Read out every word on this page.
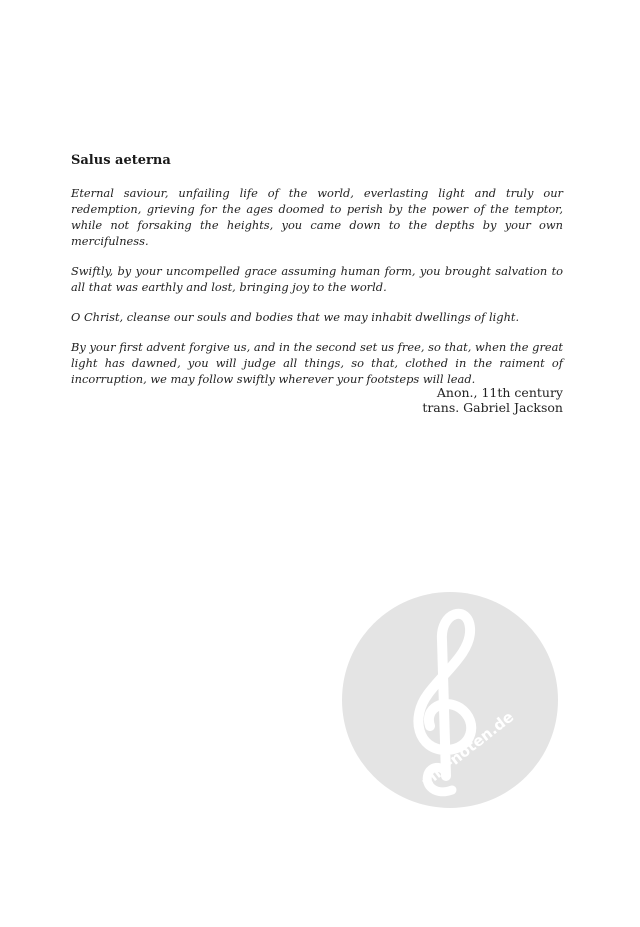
Salus aeterna

Eternal saviour, unfailing life of the world, everlasting light and truly our redemption, grieving for the ages doomed to perish by the power of the temptor, while not forsaking the heights, you came down to the depths by your own mercifulness.

Swiftly, by your uncompelled grace assuming human form, you brought salvation to all that was earthly and lost, bringing joy to the world.

O Christ, cleanse our souls and bodies that we may inhabit dwellings of light.

By your first advent forgive us, and in the second set us free, so that, when the great light has dawned, you will judge all things, so that, clothed in the raiment of incorruption, we may follow swiftly wherever your footsteps will lead.

Anon., 11th century
trans. Gabriel Jackson
alle-noten.de
